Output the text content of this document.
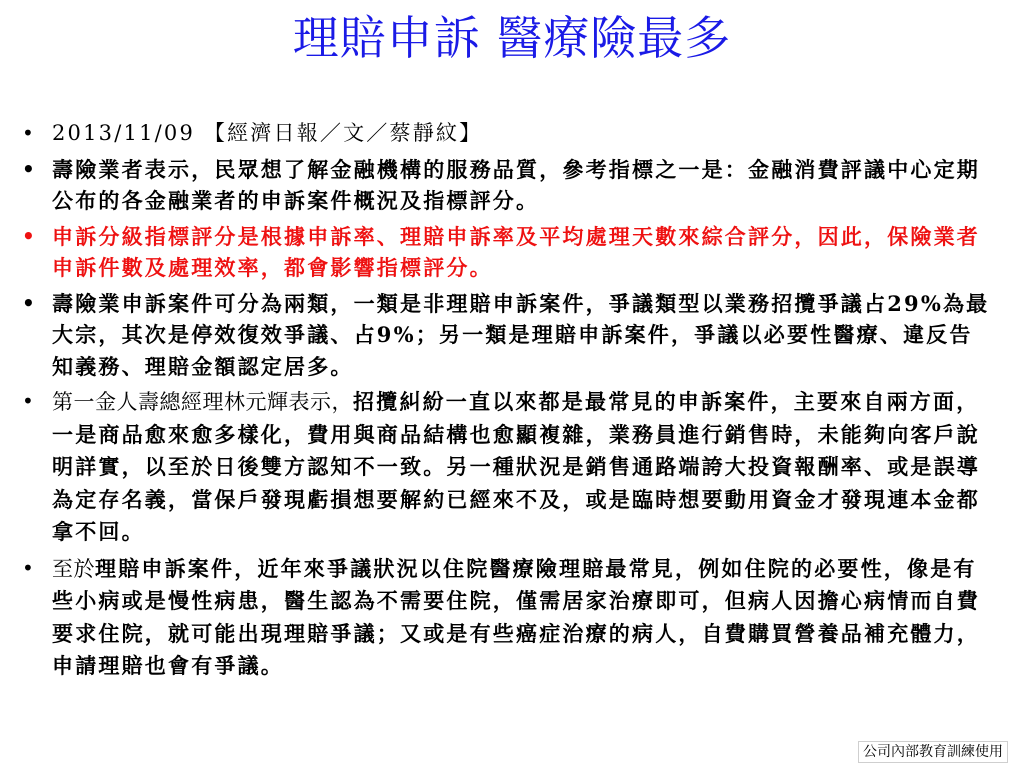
理賠申訴 醫療險最多
• 2013/11/09 【經濟日報／文／蔡靜紋】
• 壽險業者表示，民眾想了解金融機構的服務品質，參考指標之一是：金融消費評議中心定期公布的各金融業者的申訴案件概況及指標評分。
• 申訴分級指標評分是根據申訴率、理賠申訴率及平均處理天數來綜合評分，因此，保險業者申訴件數及處理效率，都會影響指標評分。
• 壽險業申訴案件可分為兩類，一類是非理賠申訴案件，爭議類型以業務招攬爭議占29%為最大宗，其次是停效復效爭議、占9%；另一類是理賠申訴案件，爭議以必要性醫療、違反告知義務、理賠金額認定居多。
• 第一金人壽總經理林元輝表示，招攬糾紛一直以來都是最常見的申訴案件，主要來自兩方面，一是商品愈來愈多樣化，費用與商品結構也愈顯複雜，業務員進行銷售時，未能夠向客戶說明詳實，以至於日後雙方認知不一致。另一種狀況是銷售通路端誇大投資報酬率、或是誤導為定存名義，當保戶發現虧損想要解約已經來不及，或是臨時想要動用資金才發現連本金都拿不回。
• 至於理賠申訴案件，近年來爭議狀況以住院醫療險理賠最常見，例如住院的必要性，像是有些小病或是慢性病患，醫生認為不需要住院，僅需居家治療即可，但病人因擔心病情而自費要求住院，就可能出現理賠爭議；又或是有些癌症治療的病人，自費購買營養品補充體力，申請理賠也會有爭議。
公司內部教育訓練使用
